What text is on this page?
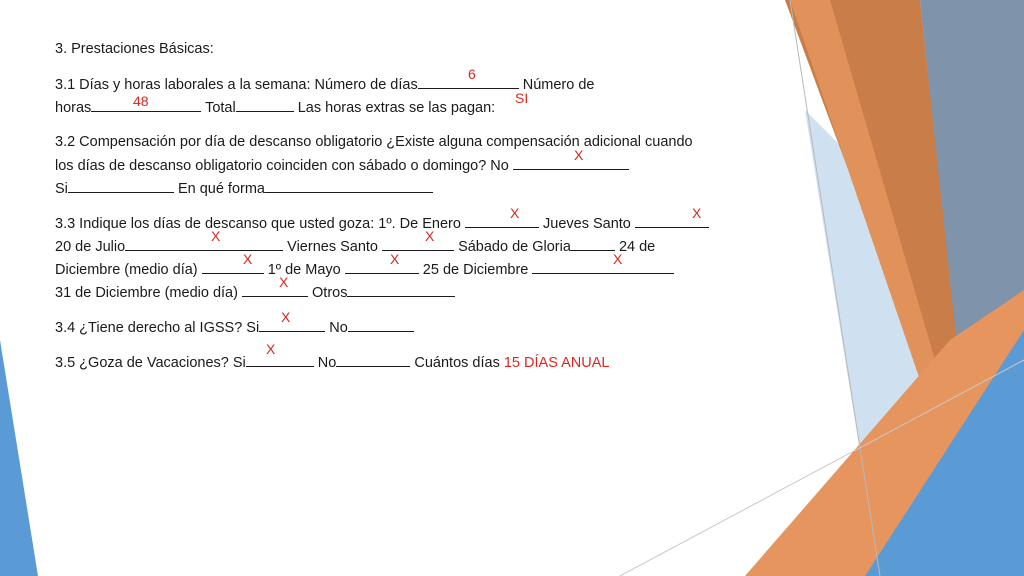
3. Prestaciones Básicas:
3.1 Días y horas laborales a la semana: Número de días	Número de
6
horas	Total	Las horas extras se las pagan:
48	SI
3.2 Compensación por día de descanso obligatorio ¿Existe alguna compensación adicional cuando
los días de descanso obligatorio coinciden con sábado o domingo? No
X
Si	En qué forma
3.3 Indique los días de descanso que usted goza: 1º. De Enero	Jueves Santo
X	X
20 de Julio	Viernes Santo	Sábado de Gloria	24 de
X	X
Diciembre (medio día)	1º de Mayo	25 de Diciembre
X	X	X
31 de Diciembre (medio día)	Otros
X
3.4 ¿Tiene derecho al IGSS? Si	No
X
3.5 ¿Goza de Vacaciones? Si	No	Cuántos días 15 DÍAS ANUAL
X
